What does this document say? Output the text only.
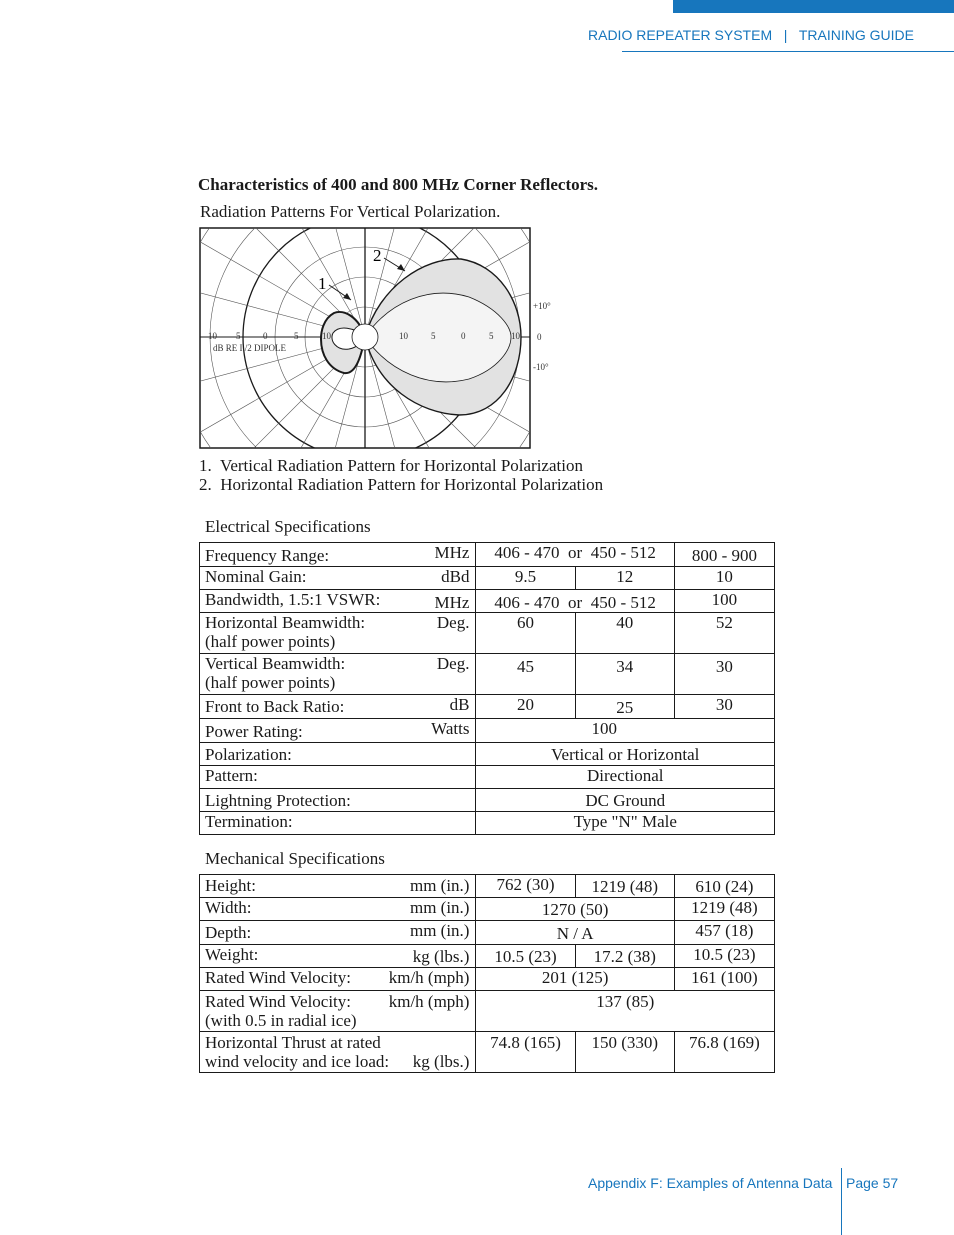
RADIO REPEATER SYSTEM   |   TRAINING GUIDE
Characteristics of 400 and 800 MHz Corner Reflectors.
Radiation Patterns For Vertical Polarization.
2
1
10 5	0	5	10	10	5	0	5 10
dB RE I /2 DIPOLE
+10°
0
-10°
1.  Vertical Radiation Pattern for Horizontal Polarization
2.  Horizontal Radiation Pattern for Horizontal Polarization
Electrical Specifications
Frequency Range: MHz	406 - 470  or  450 - 512		800 - 900
Nominal Gain: dBd	9.5	12	10
Bandwidth, 1.5:1 VSWR: MHz	406 - 470  or  450 - 512		100

Horizontal Beamwidth:
(half power points)
Deg.	60	40	52

Vertical Beamwidth:
(half power points)
Deg.	45	34	30
Front to Back Ratio: dB	20	25	30
Power Rating: Watts	100		
Polarization:	Vertical or Horizontal		
Pattern:	Directional		
Lightning Protection:	DC Ground		
Termination:	Type "N" Male		
Mechanical Specifications
Height: mm (in.)	762 (30)	1219 (48)	610 (24)
Width: mm (in.)	1270 (50)		1219 (48)
Depth: mm (in.)	N / A		457 (18)
Weight: kg (lbs.)	10.5 (23)	17.2 (38)	10.5 (23)
Rated Wind Velocity: km/h (mph)	201 (125)		161 (100)

Rated Wind Velocity:
(with 0.5 in radial ice)
km/h (mph)	137 (85)		

Horizontal Thrust at rated
wind velocity and ice load: kg (lbs.)	74.8 (165)	150 (330)	76.8 (169)
Appendix F: Examples of Antenna Data Page 57
